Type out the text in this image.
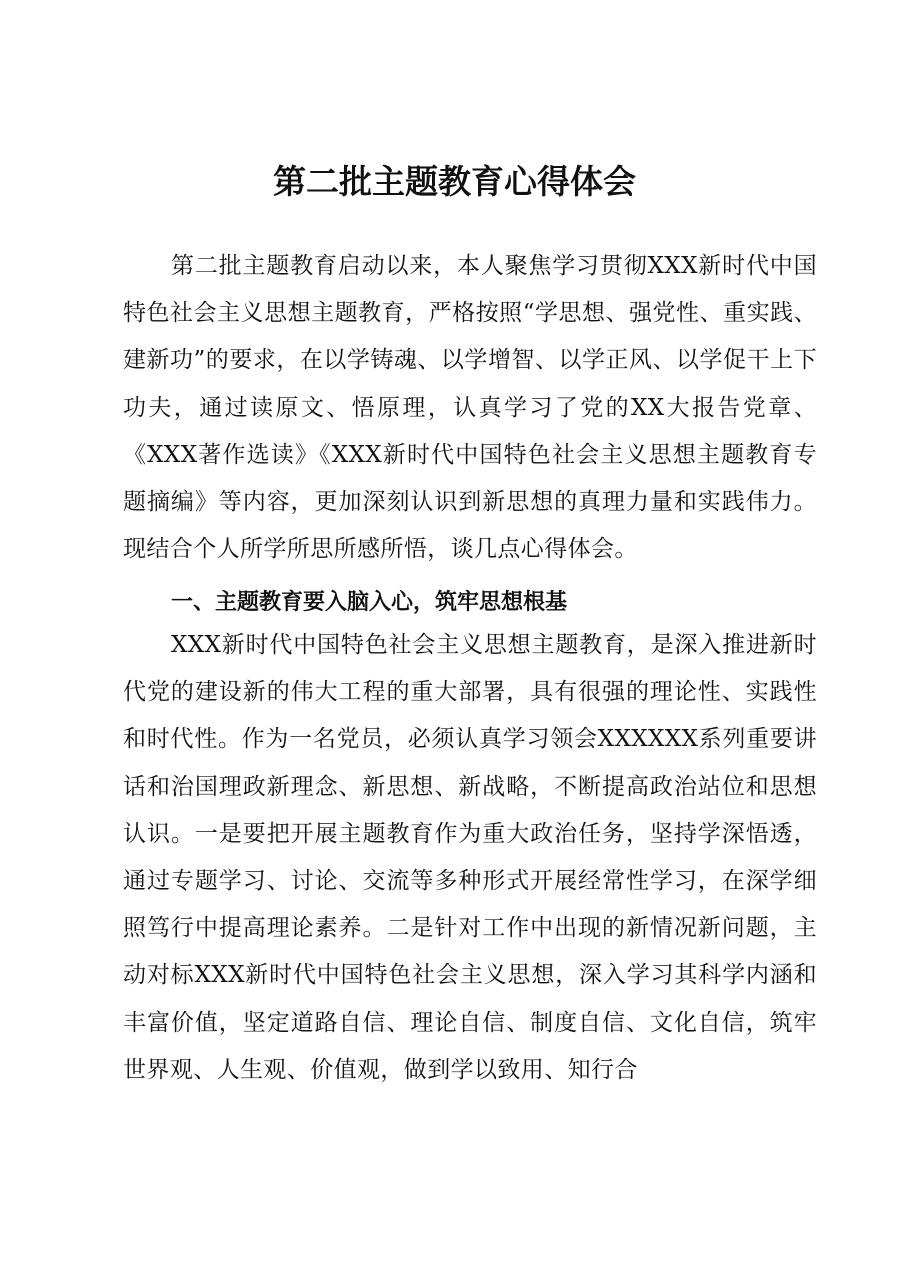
第二批主题教育心得体会

第二批主题教育启动以来，本人聚焦学习贯彻XXX新时代中国特色社会主义思想主题教育，严格按照“学思想、强党性、重实践、建新功”的要求，在以学铸魂、以学增智、以学正风、以学促干上下功夫，通过读原文、悟原理，认真学习了党的XX大报告党章、《XXX著作选读》《XXX新时代中国特色社会主义思想主题教育专题摘编》等内容，更加深刻认识到新思想的真理力量和实践伟力。现结合个人所学所思所感所悟，谈几点心得体会。

一、主题教育要入脑入心，筑牢思想根基

XXX新时代中国特色社会主义思想主题教育，是深入推进新时代党的建设新的伟大工程的重大部署，具有很强的理论性、实践性和时代性。作为一名党员，必须认真学习领会XXXXXX系列重要讲话和治国理政新理念、新思想、新战略，不断提高政治站位和思想认识。一是要把开展主题教育作为重大政治任务，坚持学深悟透，通过专题学习、讨论、交流等多种形式开展经常性学习，在深学细照笃行中提高理论素养。二是针对工作中出现的新情况新问题，主动对标XXX新时代中国特色社会主义思想，深入学习其科学内涵和丰富价值，坚定道路自信、理论自信、制度自信、文化自信，筑牢世界观、人生观、价值观，做到学以致用、知行合
